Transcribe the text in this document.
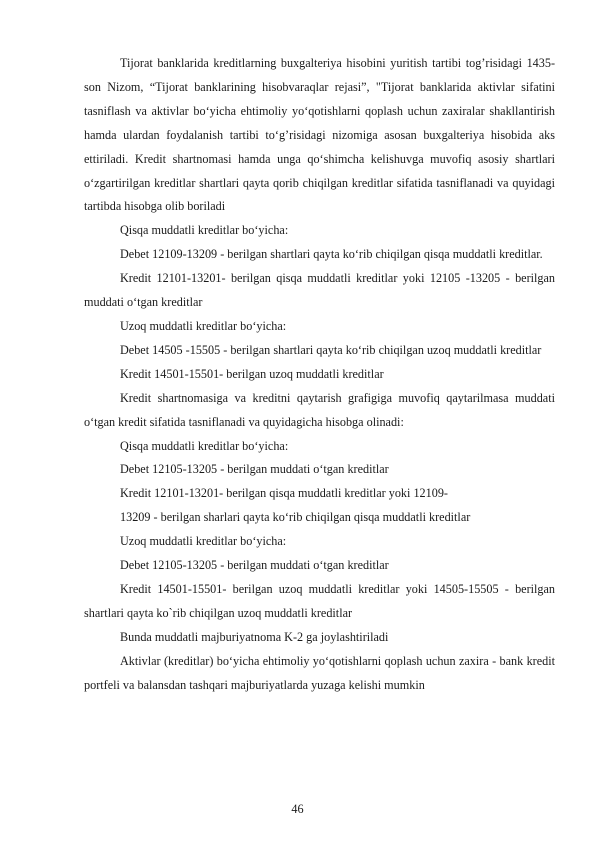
Tijorat banklarida kreditlarning buxgalteriya hisobini yuritish tartibi tog’risidagi 1435-son Nizom, “Tijorat banklarining hisobvaraqlar rejasi”, "Tijorat banklarida aktivlar sifatini tasniflash va aktivlar bo‘yicha ehtimoliy yo‘qotishlarni qoplash uchun zaxiralar shakllantirish hamda ulardan foydalanish tartibi to‘g’risidagi nizomiga asosan buxgalteriya hisobida aks ettiriladi. Kredit shartnomasi hamda unga qo‘shimcha kelishuvga muvofiq asosiy shartlari o‘zgartirilgan kreditlar shartlari qayta qorib chiqilgan kreditlar sifatida tasniflanadi va quyidagi tartibda hisobga olib boriladi

Qisqa muddatli kreditlar bo‘yicha:

Debet 12109-13209 - berilgan shartlari qayta ko‘rib chiqilgan qisqa muddatli kreditlar.

Kredit 12101-13201- berilgan qisqa muddatli kreditlar yoki 12105 -13205 - berilgan muddati o‘tgan kreditlar

Uzoq muddatli kreditlar bo‘yicha:

Debet 14505 -15505 - berilgan shartlari qayta ko‘rib chiqilgan uzoq muddatli kreditlar

Kredit 14501-15501- berilgan uzoq muddatli kreditlar

Kredit shartnomasiga va kreditni qaytarish grafigiga muvofiq qaytarilmasa muddati o‘tgan kredit sifatida tasniflanadi va quyidagicha hisobga olinadi:

Qisqa muddatli kreditlar bo‘yicha:

Debet 12105-13205 - berilgan muddati o‘tgan kreditlar

Kredit 12101-13201- berilgan qisqa muddatli kreditlar yoki 12109-

13209 - berilgan sharlari qayta ko‘rib chiqilgan qisqa muddatli kreditlar

Uzoq muddatli kreditlar bo‘yicha:

Debet 12105-13205 - berilgan muddati o‘tgan kreditlar

Kredit 14501-15501- berilgan uzoq muddatli kreditlar yoki 14505-15505 - berilgan shartlari qayta ko`rib chiqilgan uzoq muddatli kreditlar

Bunda muddatli majburiyatnoma K-2 ga joylashtiriladi

Aktivlar (kreditlar) bo‘yicha ehtimoliy yo‘qotishlarni qoplash uchun zaxira - bank kredit portfeli va balansdan tashqari majburiyatlarda yuzaga kelishi mumkin

46
